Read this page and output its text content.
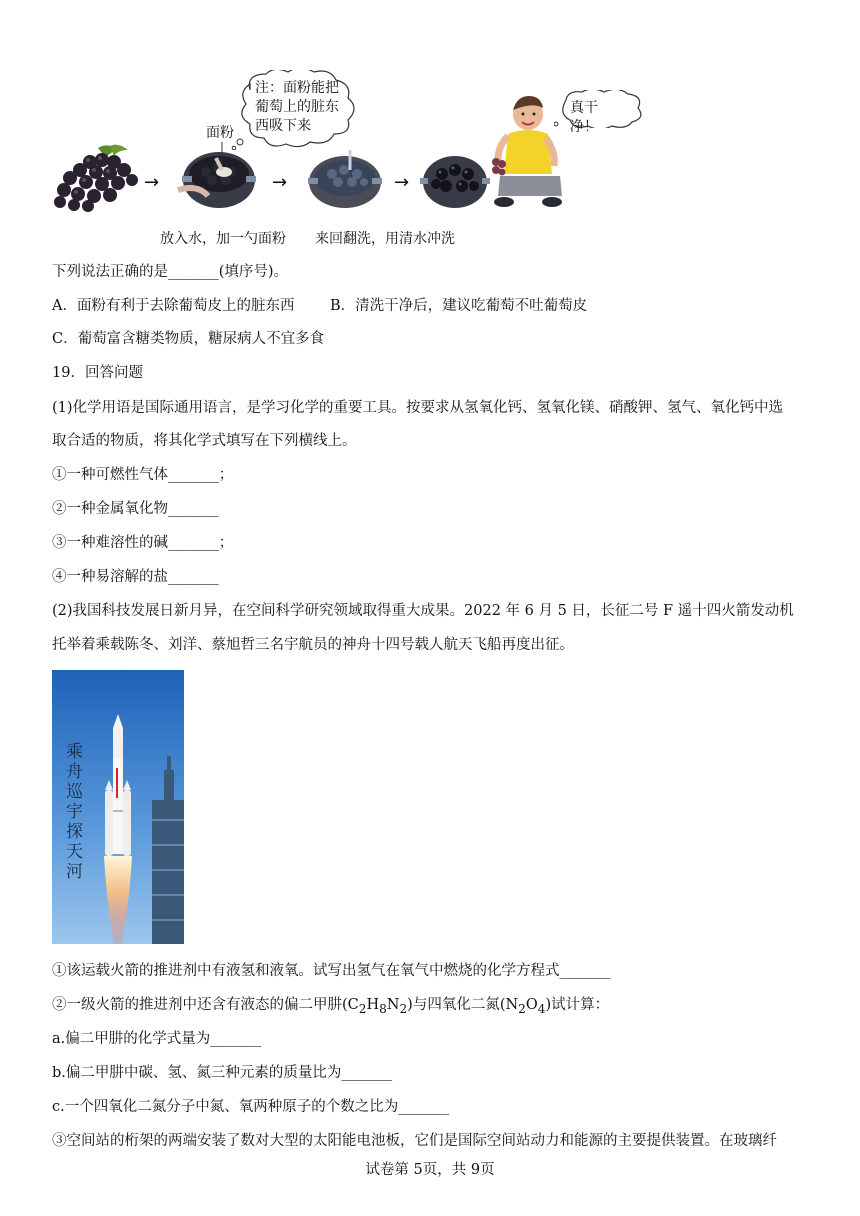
→
面粉
→
注：面粉能把
葡萄上的脏东
西吸下来
→
真干净！
放入水，加一勺面粉 来回翻洗，用清水冲洗
下列说法正确的是_______(填序号)。
A．面粉有利于去除葡萄皮上的脏东西 B．清洗干净后，建议吃葡萄不吐葡萄皮
C．葡萄富含糖类物质，糖尿病人不宜多食
19．回答问题
(1)化学用语是国际通用语言，是学习化学的重要工具。按要求从氢氧化钙、氢氧化镁、硝酸钾、氢气、氧化钙中选
取合适的物质，将其化学式填写在下列横线上。
①一种可燃性气体_______；
②一种金属氧化物_______
③一种难溶性的碱_______；
④一种易溶解的盐_______
(2)我国科技发展日新月异，在空间科学研究领域取得重大成果。2022 年 6 月 5 日，长征二号 F 遥十四火箭发动机
托举着乘载陈冬、刘洋、蔡旭哲三名宇航员的神舟十四号载人航天飞船再度出征。
乘舟巡宇探天河
①该运载火箭的推进剂中有液氢和液氧。试写出氢气在氧气中燃烧的化学方程式_______
②一级火箭的推进剂中还含有液态的偏二甲肼$(C_2H_8N_2)$与四氧化二氮$(N_2O_4)$试计算：
a.偏二甲肼的化学式量为_______
b.偏二甲肼中碳、氢、氮三种元素的质量比为_______
c.一个四氧化二氮分子中氮、氧两种原子的个数之比为_______
③空间站的桁架的两端安装了数对大型的太阳能电池板，它们是国际空间站动力和能源的主要提供装置。在玻璃纤
试卷第 5页，共 9页
